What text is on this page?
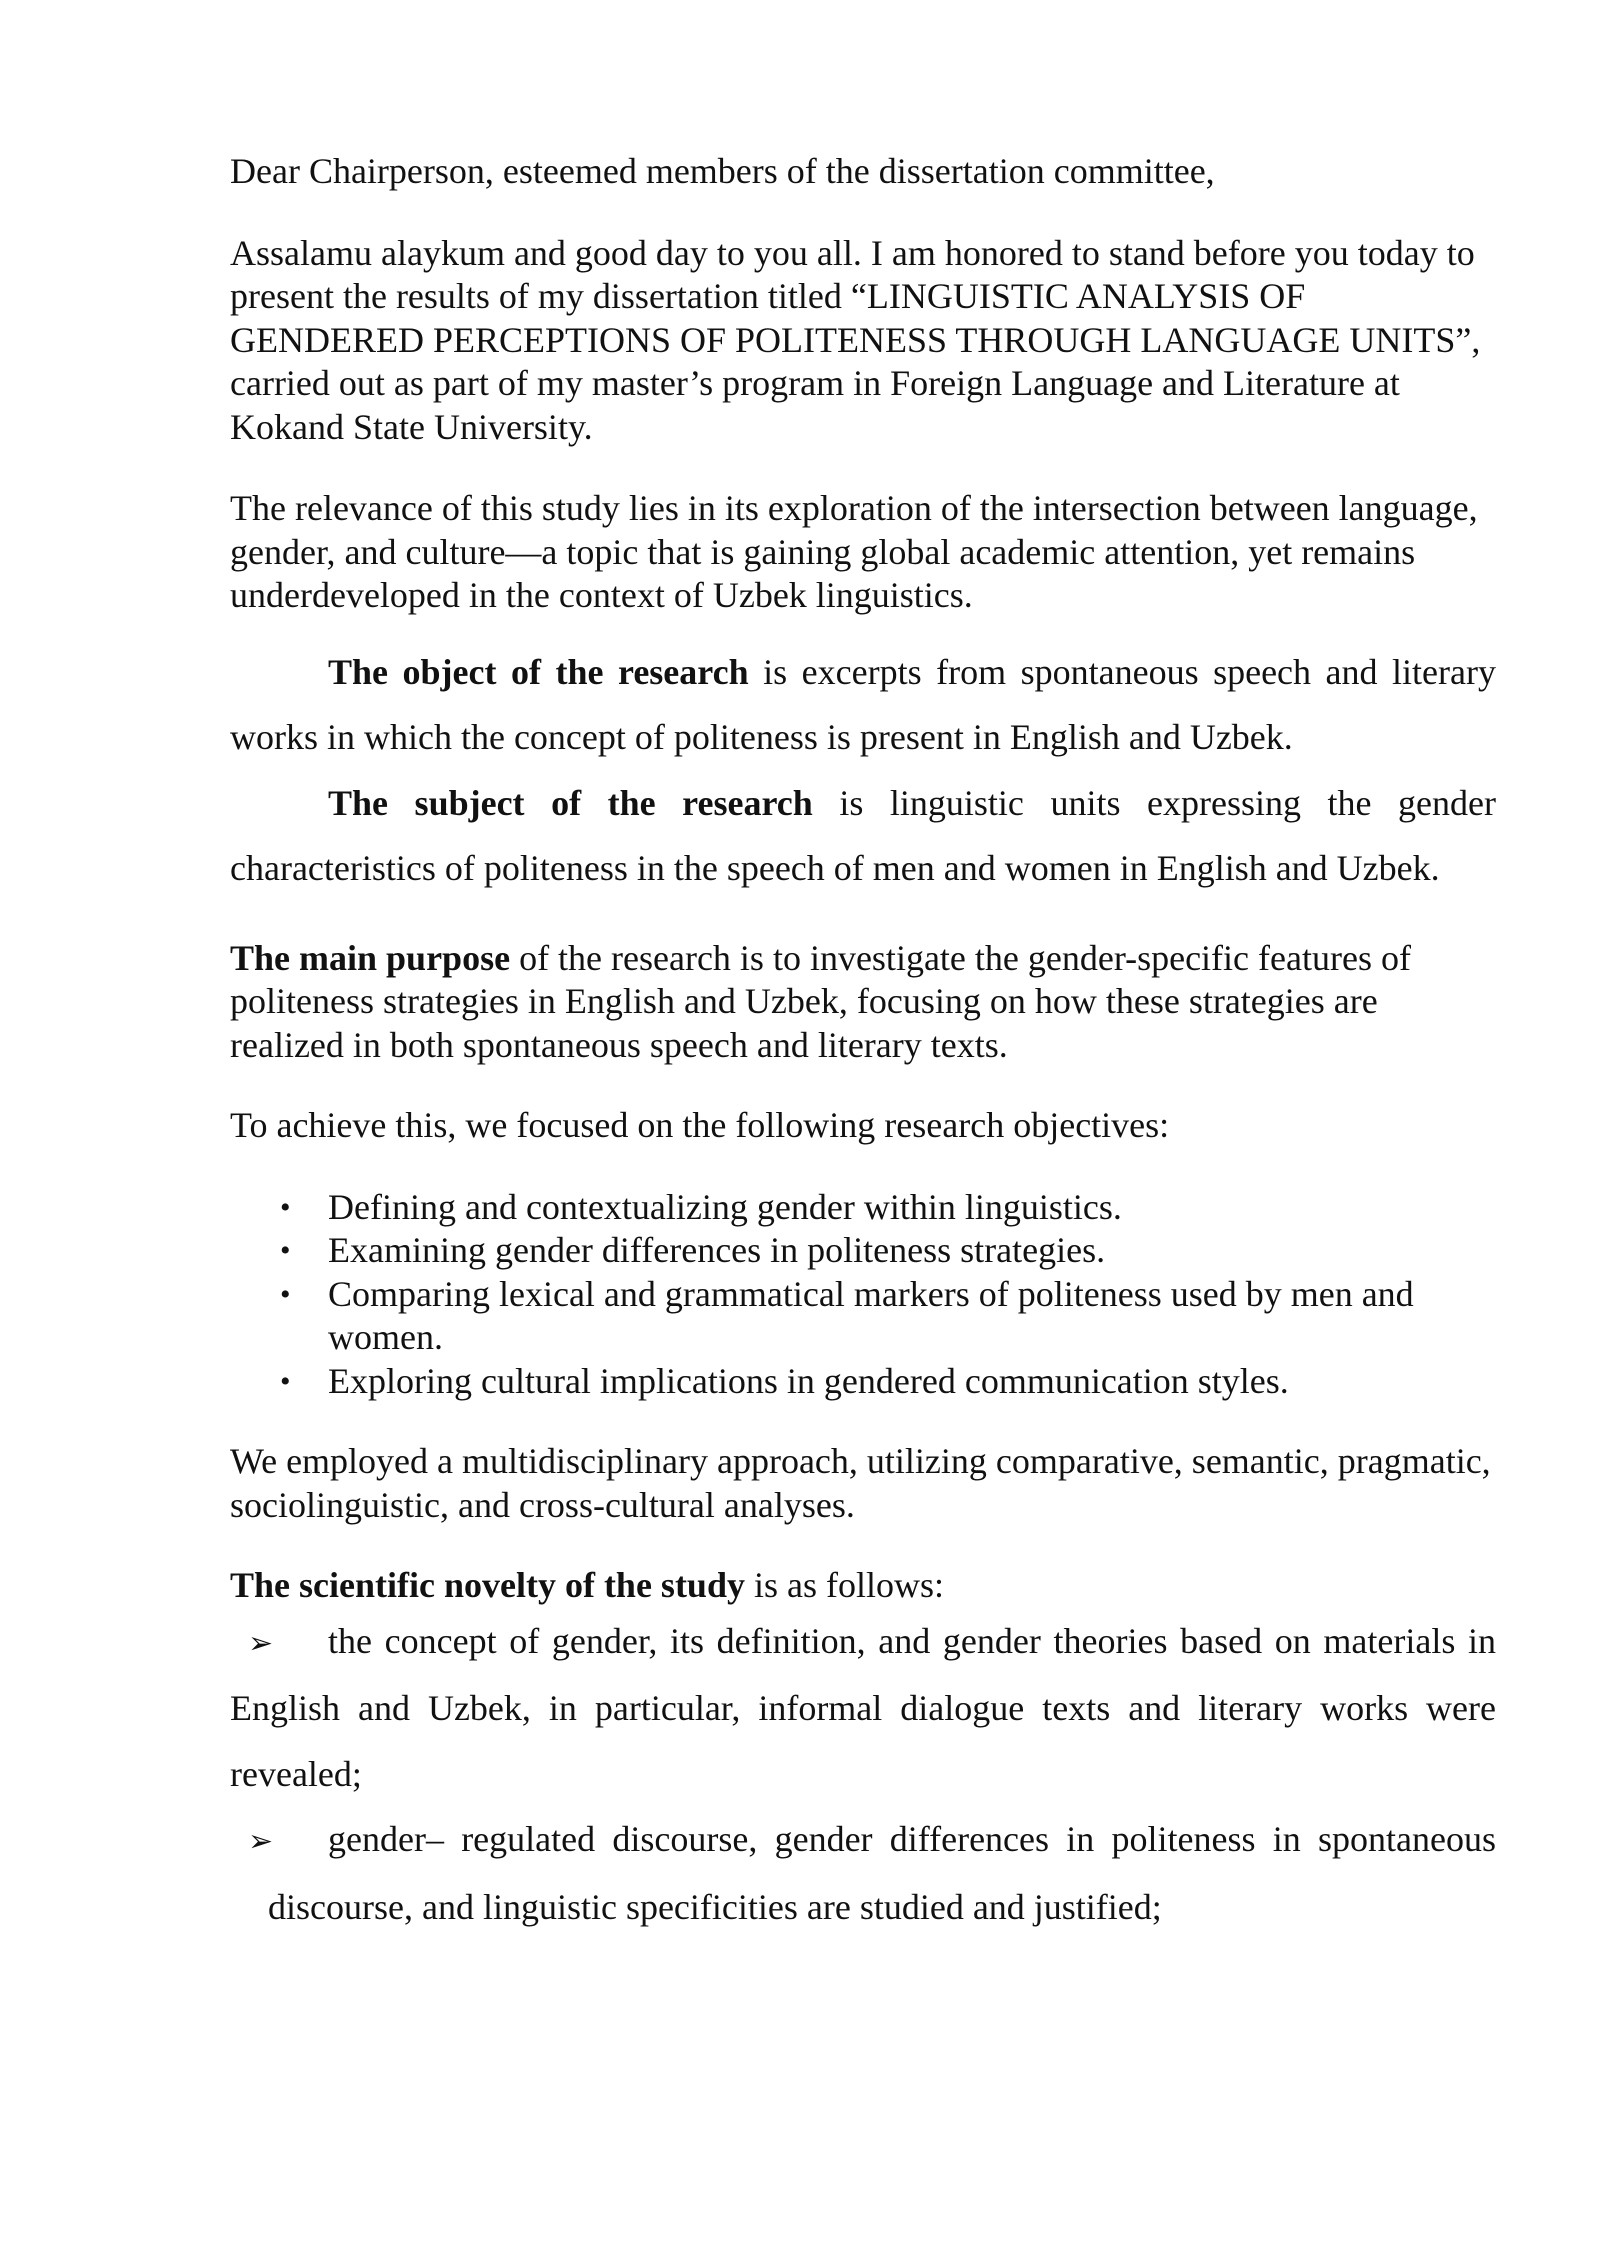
Dear Chairperson, esteemed members of the dissertation committee,

Assalamu alaykum and good day to you all. I am honored to stand before you today to present the results of my dissertation titled “LINGUISTIC ANALYSIS OF GENDERED PERCEPTIONS OF POLITENESS THROUGH LANGUAGE UNITS”, carried out as part of my master’s program in Foreign Language and Literature at Kokand State University.

The relevance of this study lies in its exploration of the intersection between language, gender, and culture—a topic that is gaining global academic attention, yet remains underdeveloped in the context of Uzbek linguistics.

The object of the research is excerpts from spontaneous speech and literary works in which the concept of politeness is present in English and Uzbek.

The subject of the research is linguistic units expressing the gender characteristics of politeness in the speech of men and women in English and Uzbek.

The main purpose of the research is to investigate the gender-specific features of politeness strategies in English and Uzbek, focusing on how these strategies are realized in both spontaneous speech and literary texts.

To achieve this, we focused on the following research objectives:

• Defining and contextualizing gender within linguistics.
• Examining gender differences in politeness strategies.
• Comparing lexical and grammatical markers of politeness used by men and women.
• Exploring cultural implications in gendered communication styles.

We employed a multidisciplinary approach, utilizing comparative, semantic, pragmatic, sociolinguistic, and cross-cultural analyses.

The scientific novelty of the study is as follows:

➢ the concept of gender, its definition, and gender theories based on materials in English and Uzbek, in particular, informal dialogue texts and literary works were revealed;

➢ gender– regulated discourse, gender differences in politeness in spontaneous discourse, and linguistic specificities are studied and justified;
